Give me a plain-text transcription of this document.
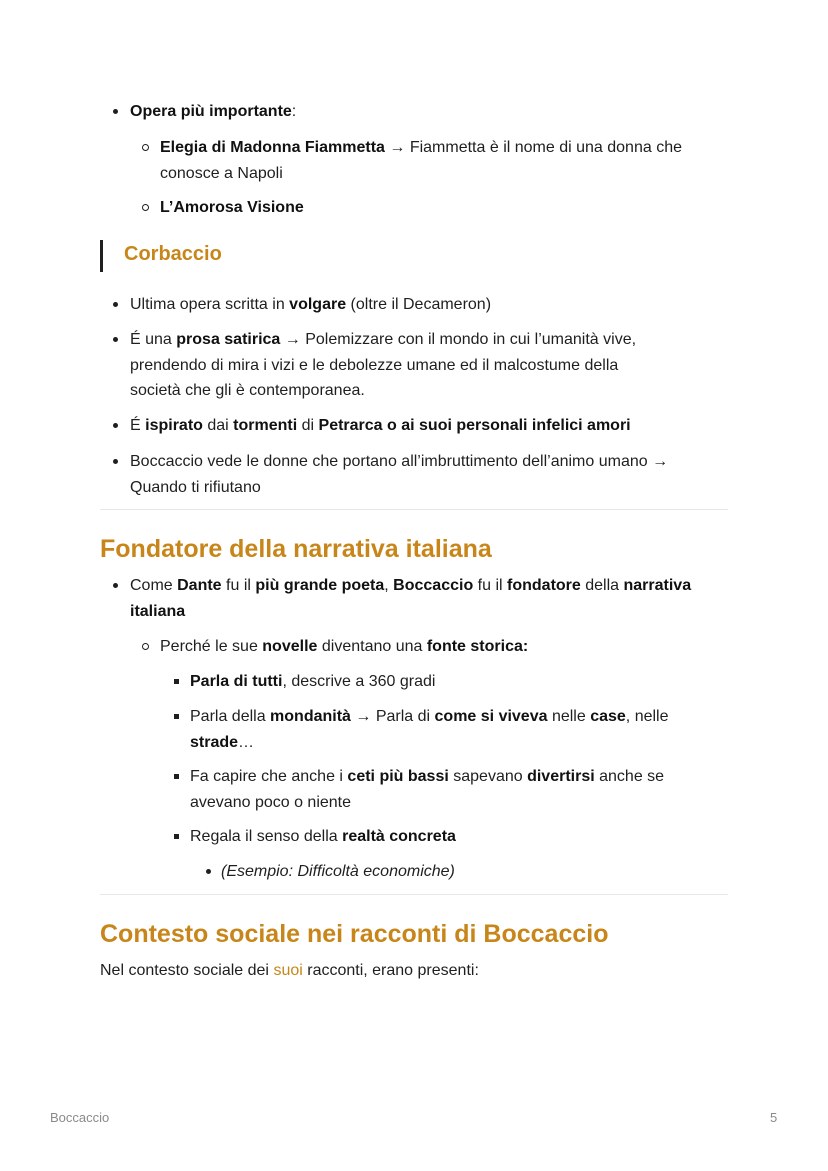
Opera più importante:
Elegia di Madonna Fiammetta → Fiammetta è il nome di una donna che
conosce a Napoli
L’Amorosa Visione
Corbaccio
Ultima opera scritta in volgare (oltre il Decameron)
É una prosa satirica → Polemizzare con il mondo in cui l’umanità vive,
prendendo di mira i vizi e le debolezze umane ed il malcostume della
società che gli è contemporanea.
É ispirato dai tormenti di Petrarca o ai suoi personali infelici amori
Boccaccio vede le donne che portano all’imbruttimento dell’animo umano →
Quando ti rifiutano
Fondatore della narrativa italiana
Come Dante fu il più grande poeta, Boccaccio fu il fondatore della narrativa
italiana
Perché le sue novelle diventano una fonte storica:
Parla di tutti, descrive a 360 gradi
Parla della mondanità → Parla di come si viveva nelle case, nelle
strade…
Fa capire che anche i ceti più bassi sapevano divertirsi anche se
avevano poco o niente
Regala il senso della realtà concreta
(Esempio: Difficoltà economiche)
Contesto sociale nei racconti di Boccaccio
Nel contesto sociale dei suoi racconti, erano presenti:
Boccaccio	5
